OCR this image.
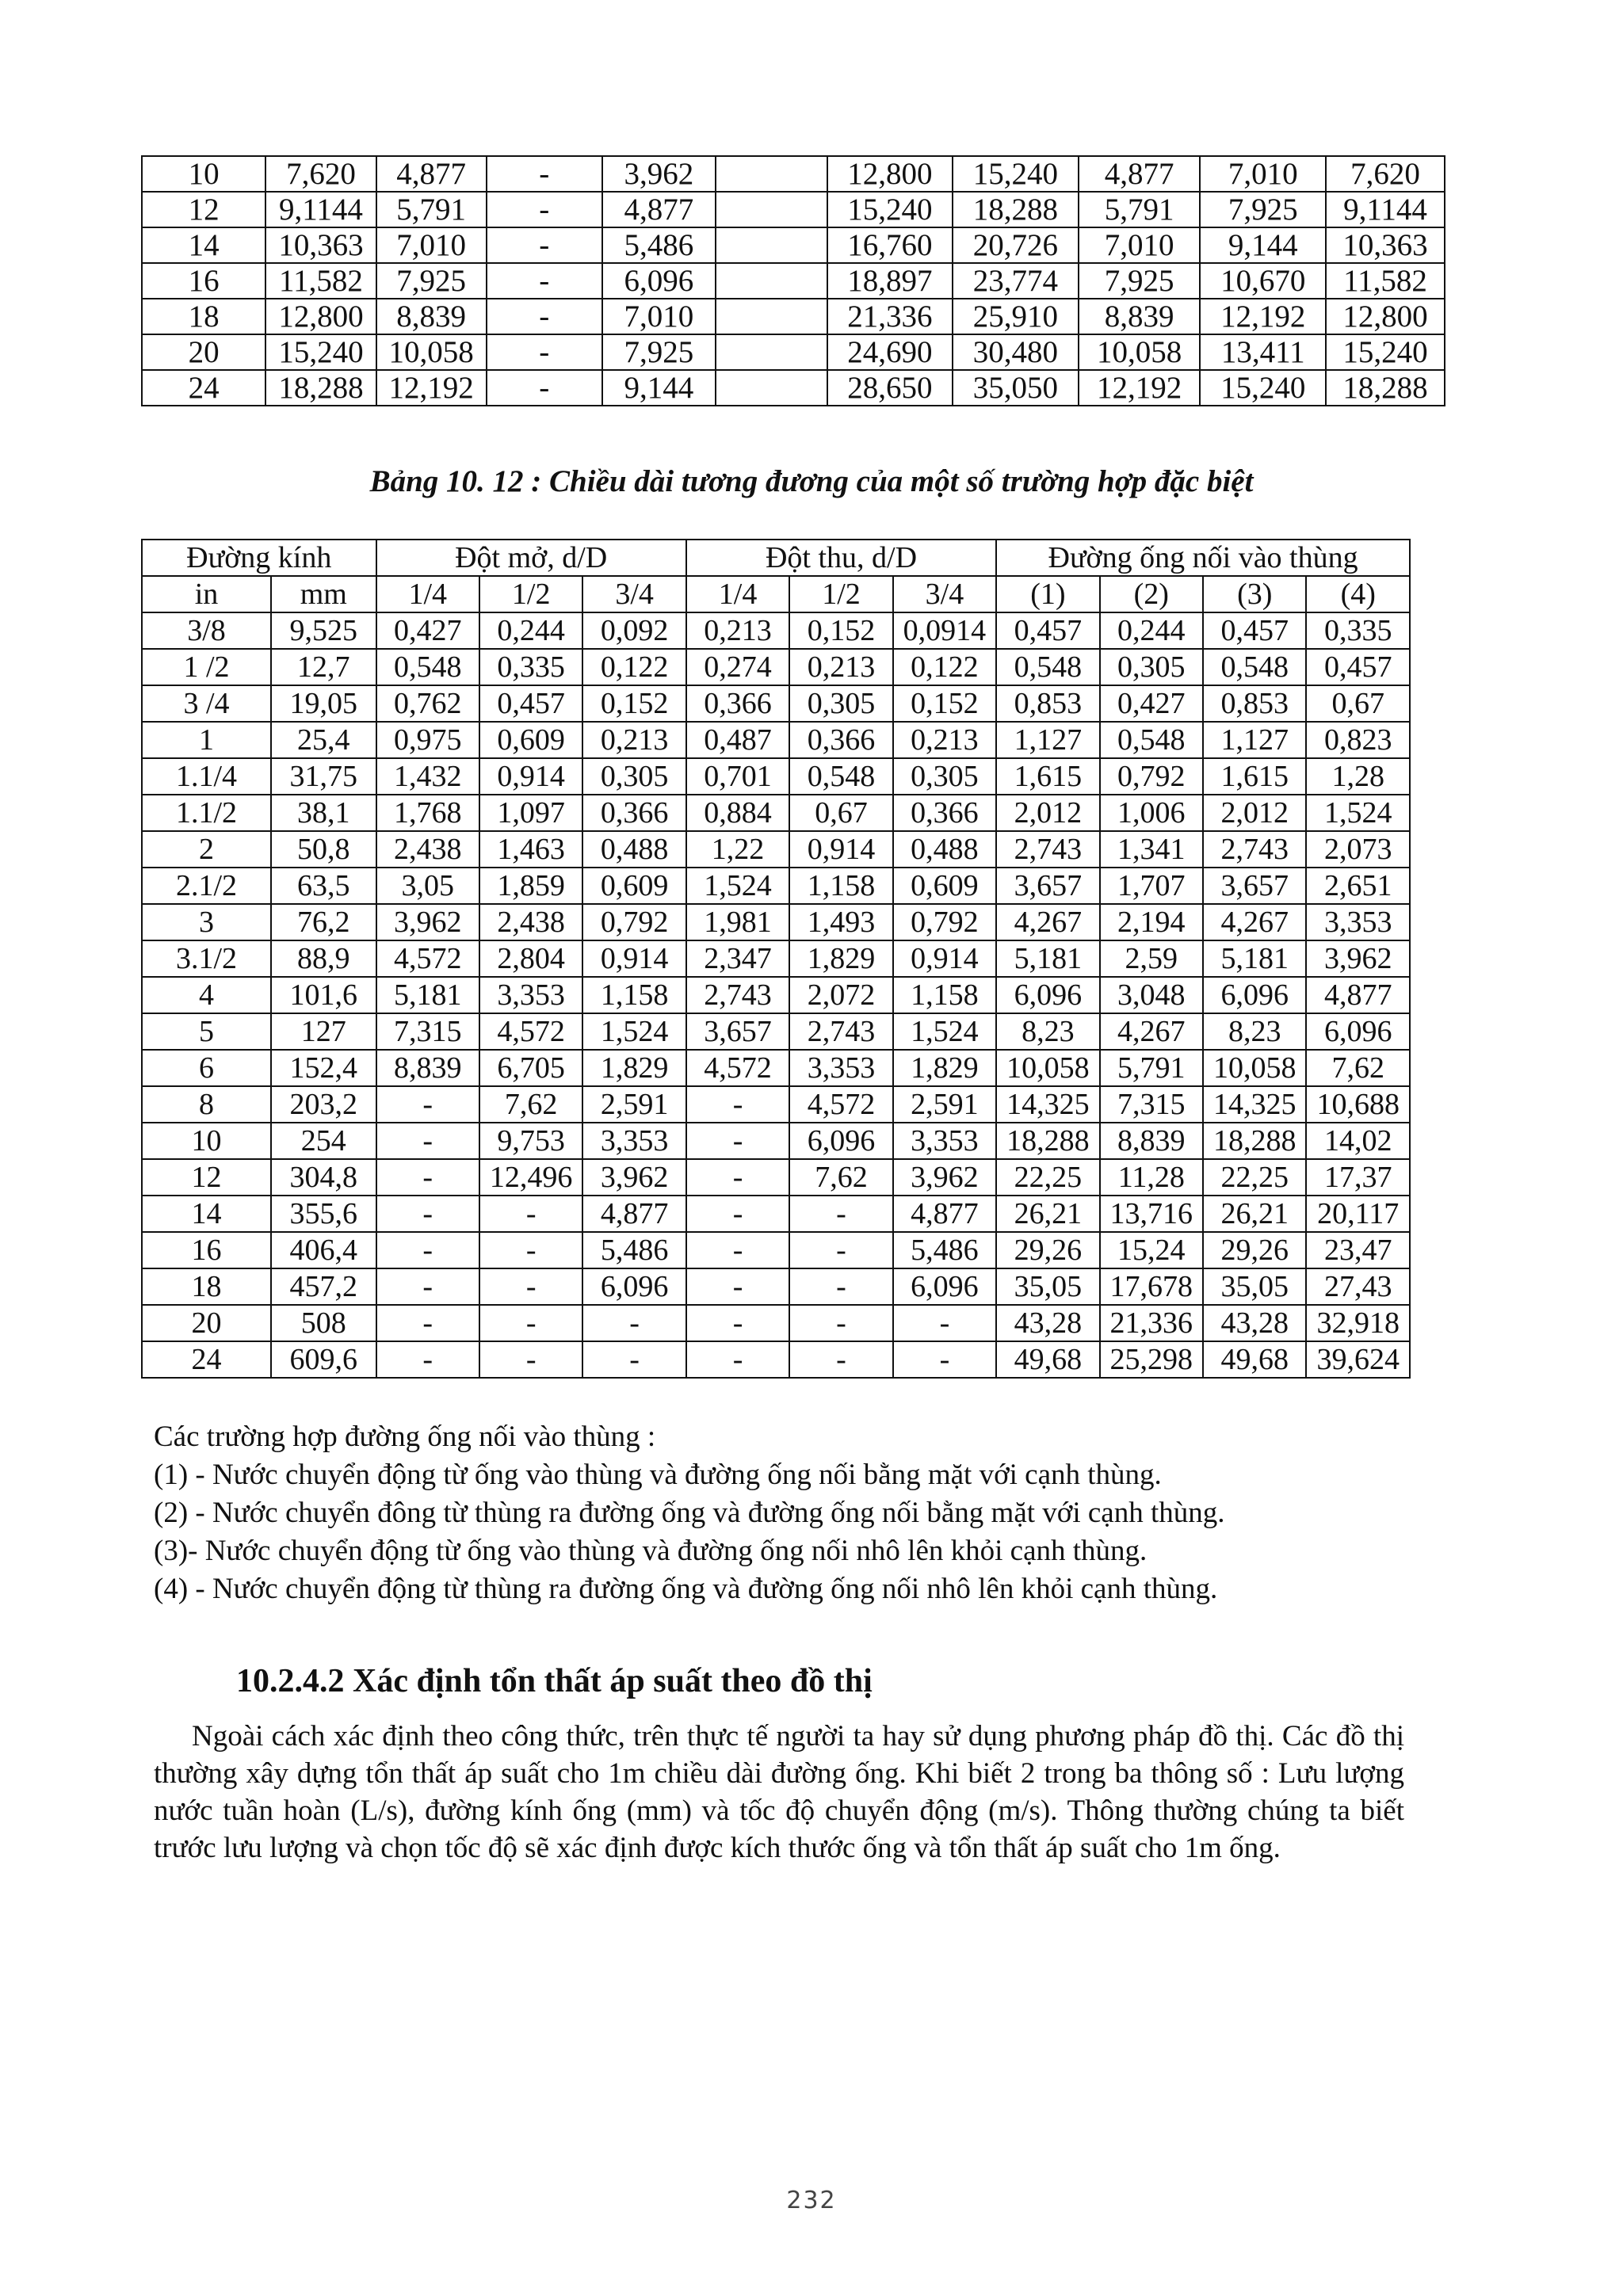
10	7,620	4,877	-	3,962		12,800	15,240	4,877	7,010	7,620
12	9,1144	5,791	-	4,877		15,240	18,288	5,791	7,925	9,1144
14	10,363	7,010	-	5,486		16,760	20,726	7,010	9,144	10,363
16	11,582	7,925	-	6,096		18,897	23,774	7,925	10,670	11,582
18	12,800	8,839	-	7,010		21,336	25,910	8,839	12,192	12,800
20	15,240	10,058	-	7,925		24,690	30,480	10,058	13,411	15,240
24	18,288	12,192	-	9,144		28,650	35,050	12,192	15,240	18,288
Bảng 10. 12 : Chiều dài tương đương của một số trường hợp đặc biệt
Đường kính		Đột mở, d/D			Đột thu, d/D			Đường ống nối vào thùng			
in	mm	1/4	1/2	3/4	1/4	1/2	3/4	(1)	(2)	(3)	(4)
3/8	9,525	0,427	0,244	0,092	0,213	0,152	0,0914	0,457	0,244	0,457	0,335
1 /2	12,7	0,548	0,335	0,122	0,274	0,213	0,122	0,548	0,305	0,548	0,457
3 /4	19,05	0,762	0,457	0,152	0,366	0,305	0,152	0,853	0,427	0,853	0,67
1	25,4	0,975	0,609	0,213	0,487	0,366	0,213	1,127	0,548	1,127	0,823
1.1/4	31,75	1,432	0,914	0,305	0,701	0,548	0,305	1,615	0,792	1,615	1,28
1.1/2	38,1	1,768	1,097	0,366	0,884	0,67	0,366	2,012	1,006	2,012	1,524
2	50,8	2,438	1,463	0,488	1,22	0,914	0,488	2,743	1,341	2,743	2,073
2.1/2	63,5	3,05	1,859	0,609	1,524	1,158	0,609	3,657	1,707	3,657	2,651
3	76,2	3,962	2,438	0,792	1,981	1,493	0,792	4,267	2,194	4,267	3,353
3.1/2	88,9	4,572	2,804	0,914	2,347	1,829	0,914	5,181	2,59	5,181	3,962
4	101,6	5,181	3,353	1,158	2,743	2,072	1,158	6,096	3,048	6,096	4,877
5	127	7,315	4,572	1,524	3,657	2,743	1,524	8,23	4,267	8,23	6,096
6	152,4	8,839	6,705	1,829	4,572	3,353	1,829	10,058	5,791	10,058	7,62
8	203,2	-	7,62	2,591	-	4,572	2,591	14,325	7,315	14,325	10,688
10	254	-	9,753	3,353	-	6,096	3,353	18,288	8,839	18,288	14,02
12	304,8	-	12,496	3,962	-	7,62	3,962	22,25	11,28	22,25	17,37
14	355,6	-	-	4,877	-	-	4,877	26,21	13,716	26,21	20,117
16	406,4	-	-	5,486	-	-	5,486	29,26	15,24	29,26	23,47
18	457,2	-	-	6,096	-	-	6,096	35,05	17,678	35,05	27,43
20	508	-	-	-	-	-	-	43,28	21,336	43,28	32,918
24	609,6	-	-	-	-	-	-	49,68	25,298	49,68	39,624
Các trường hợp đường ống nối vào thùng :
(1) - Nước chuyển động từ ống vào thùng và đường ống nối bằng mặt với cạnh thùng.
(2) - Nước chuyển đông từ thùng ra đường ống và đường ống nối bằng mặt với cạnh thùng.
(3)- Nước chuyển động từ ống vào thùng và đường ống nối nhô lên khỏi cạnh thùng.
(4) - Nước chuyển động từ thùng ra đường ống và đường ống nối nhô lên khỏi cạnh thùng.
10.2.4.2 Xác định tổn thất áp suất theo đồ thị
Ngoài cách xác định theo công thức, trên thực tế người ta hay sử dụng phương pháp đồ thị. Các đồ thị thường xây dựng tổn thất áp suất cho 1m chiều dài đường ống. Khi biết 2 trong ba thông số : Lưu lượng nước tuần hoàn (L/s), đường kính ống (mm) và tốc độ chuyển động (m/s). Thông thường chúng ta biết trước lưu lượng và chọn tốc độ sẽ xác định được kích thước ống và tổn thất áp suất cho 1m ống.
232
